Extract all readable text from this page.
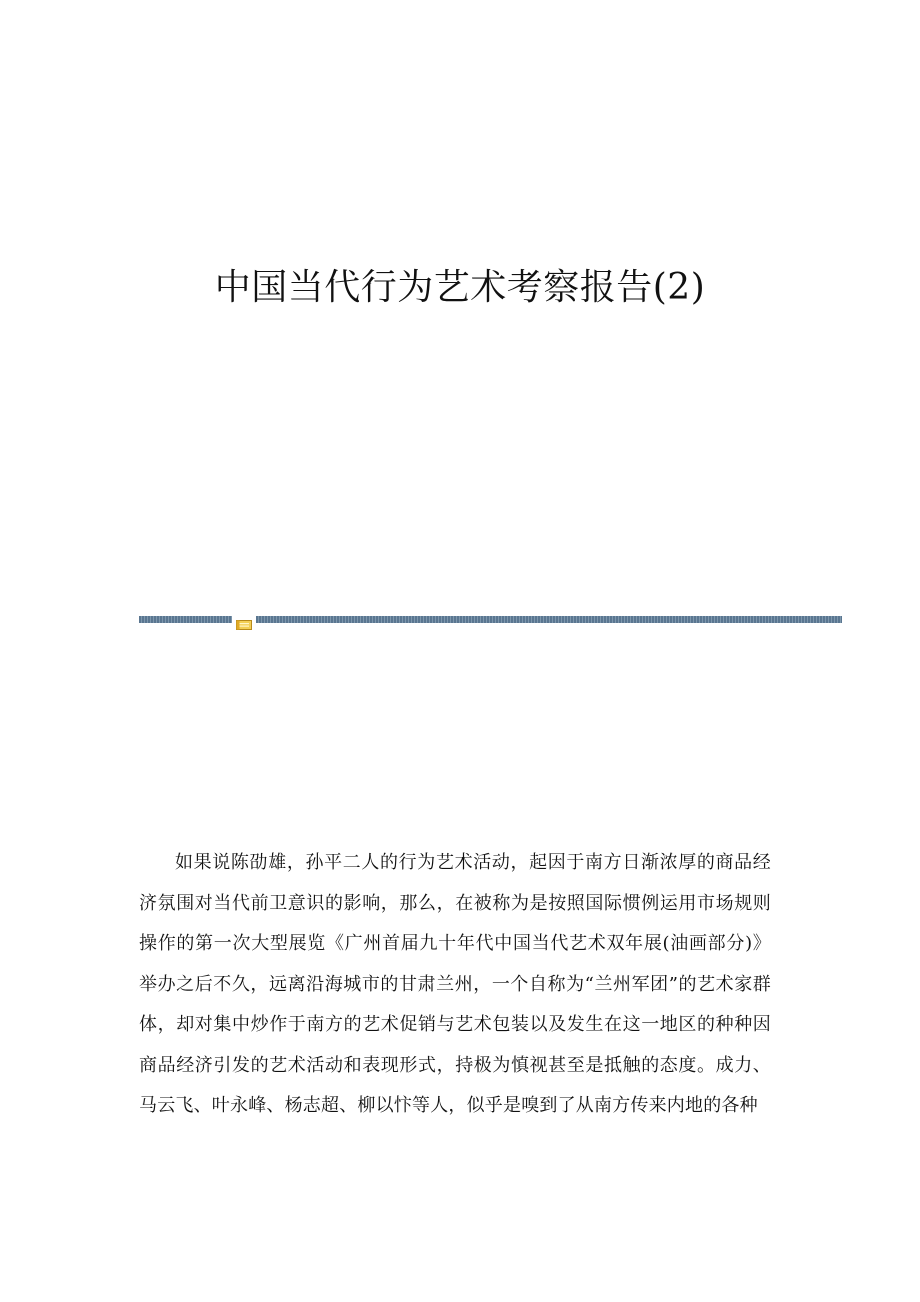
中国当代行为艺术考察报告(2)

如果说陈劭雄，孙平二人的行为艺术活动，起因于南方日渐浓厚的商品经济氛围对当代前卫意识的影响，那么，在被称为是按照国际惯例运用市场规则操作的第一次大型展览《广州首届九十年代中国当代艺术双年展(油画部分)》举办之后不久，远离沿海城市的甘肃兰州，一个自称为“兰州军团”的艺术家群体，却对集中炒作于南方的艺术促销与艺术包装以及发生在这一地区的种种因商品经济引发的艺术活动和表现形式，持极为慎视甚至是抵触的态度。成力、马云飞、叶永峰、杨志超、柳以忭等人，似乎是嗅到了从南方传来内地的各种
